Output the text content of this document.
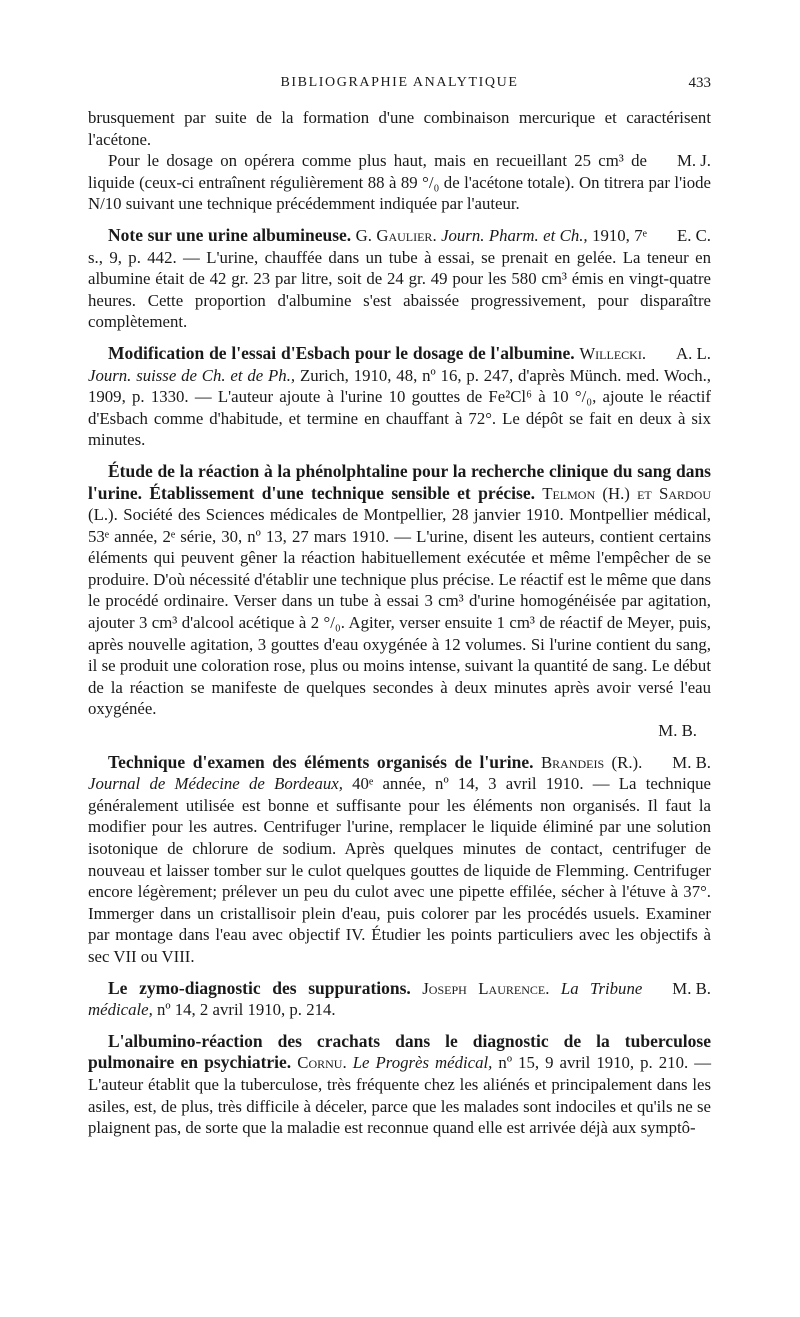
BIBLIOGRAPHIE ANALYTIQUE	433

brusquement par suite de la formation d'une combinaison mercurique et caractérisent l'acétone.

M. J.
Pour le dosage on opérera comme plus haut, mais en recueillant 25 cm³ de liquide (ceux-ci entraînent régulièrement 88 à 89 °/₀ de l'acétone totale). On titrera par l'iode N/10 suivant une technique précédemment indiquée par l'auteur.

E. C.
Note sur une urine albumineuse. G. Gaulier. Journ. Pharm. et Ch., 1910, 7ᵉ s., 9, p. 442. — L'urine, chauffée dans un tube à essai, se prenait en gelée. La teneur en albumine était de 42 gr. 23 par litre, soit de 24 gr. 49 pour les 580 cm³ émis en vingt-quatre heures. Cette proportion d'albumine s'est abaissée progressivement, pour disparaître complètement.

A. L.
Modification de l'essai d'Esbach pour le dosage de l'albumine. Willecki. Journ. suisse de Ch. et de Ph., Zurich, 1910, 48, nº 16, p. 247, d'après Münch. med. Woch., 1909, p. 1330. — L'auteur ajoute à l'urine 10 gouttes de Fe²Cl⁶ à 10 °/₀, ajoute le réactif d'Esbach comme d'habitude, et termine en chauffant à 72°. Le dépôt se fait en deux à six minutes.

Étude de la réaction à la phénolphtaline pour la recherche clinique du sang dans l'urine. Établissement d'une technique sensible et précise. Telmon (H.) et Sardou (L.). Société des Sciences médicales de Montpellier, 28 janvier 1910. Montpellier médical, 53ᵉ année, 2ᵉ série, 30, nº 13, 27 mars 1910. — L'urine, disent les auteurs, contient certains éléments qui peuvent gêner la réaction habituellement exécutée et même l'empêcher de se produire. D'où nécessité d'établir une technique plus précise. Le réactif est le même que dans le procédé ordinaire. Verser dans un tube à essai 3 cm³ d'urine homogénéisée par agitation, ajouter 3 cm³ d'alcool acétique à 2 °/₀. Agiter, verser ensuite 1 cm³ de réactif de Meyer, puis, après nouvelle agitation, 3 gouttes d'eau oxygénée à 12 volumes. Si l'urine contient du sang, il se produit une coloration rose, plus ou moins intense, suivant la quantité de sang. Le début de la réaction se manifeste de quelques secondes à deux minutes après avoir versé l'eau oxygénée.

M. B.

M. B.
Technique d'examen des éléments organisés de l'urine. Brandeis (R.). Journal de Médecine de Bordeaux, 40ᵉ année, nº 14, 3 avril 1910. — La technique généralement utilisée est bonne et suffisante pour les éléments non organisés. Il faut la modifier pour les autres. Centrifuger l'urine, remplacer le liquide éliminé par une solution isotonique de chlorure de sodium. Après quelques minutes de contact, centrifuger de nouveau et laisser tomber sur le culot quelques gouttes de liquide de Flemming. Centrifuger encore légèrement; prélever un peu du culot avec une pipette effilée, sécher à l'étuve à 37°. Immerger dans un cristallisoir plein d'eau, puis colorer par les procédés usuels. Examiner par montage dans l'eau avec objectif IV. Étudier les points particuliers avec les objectifs à sec VII ou VIII.

M. B.
Le zymo-diagnostic des suppurations. Joseph Laurence. La Tribune médicale, nº 14, 2 avril 1910, p. 214.

L'albumino-réaction des crachats dans le diagnostic de la tuberculose pulmonaire en psychiatrie. Cornu. Le Progrès médical, nº 15, 9 avril 1910, p. 210. — L'auteur établit que la tuberculose, très fréquente chez les aliénés et principalement dans les asiles, est, de plus, très difficile à déceler, parce que les malades sont indociles et qu'ils ne se plaignent pas, de sorte que la maladie est reconnue quand elle est arrivée déjà aux symptô-
